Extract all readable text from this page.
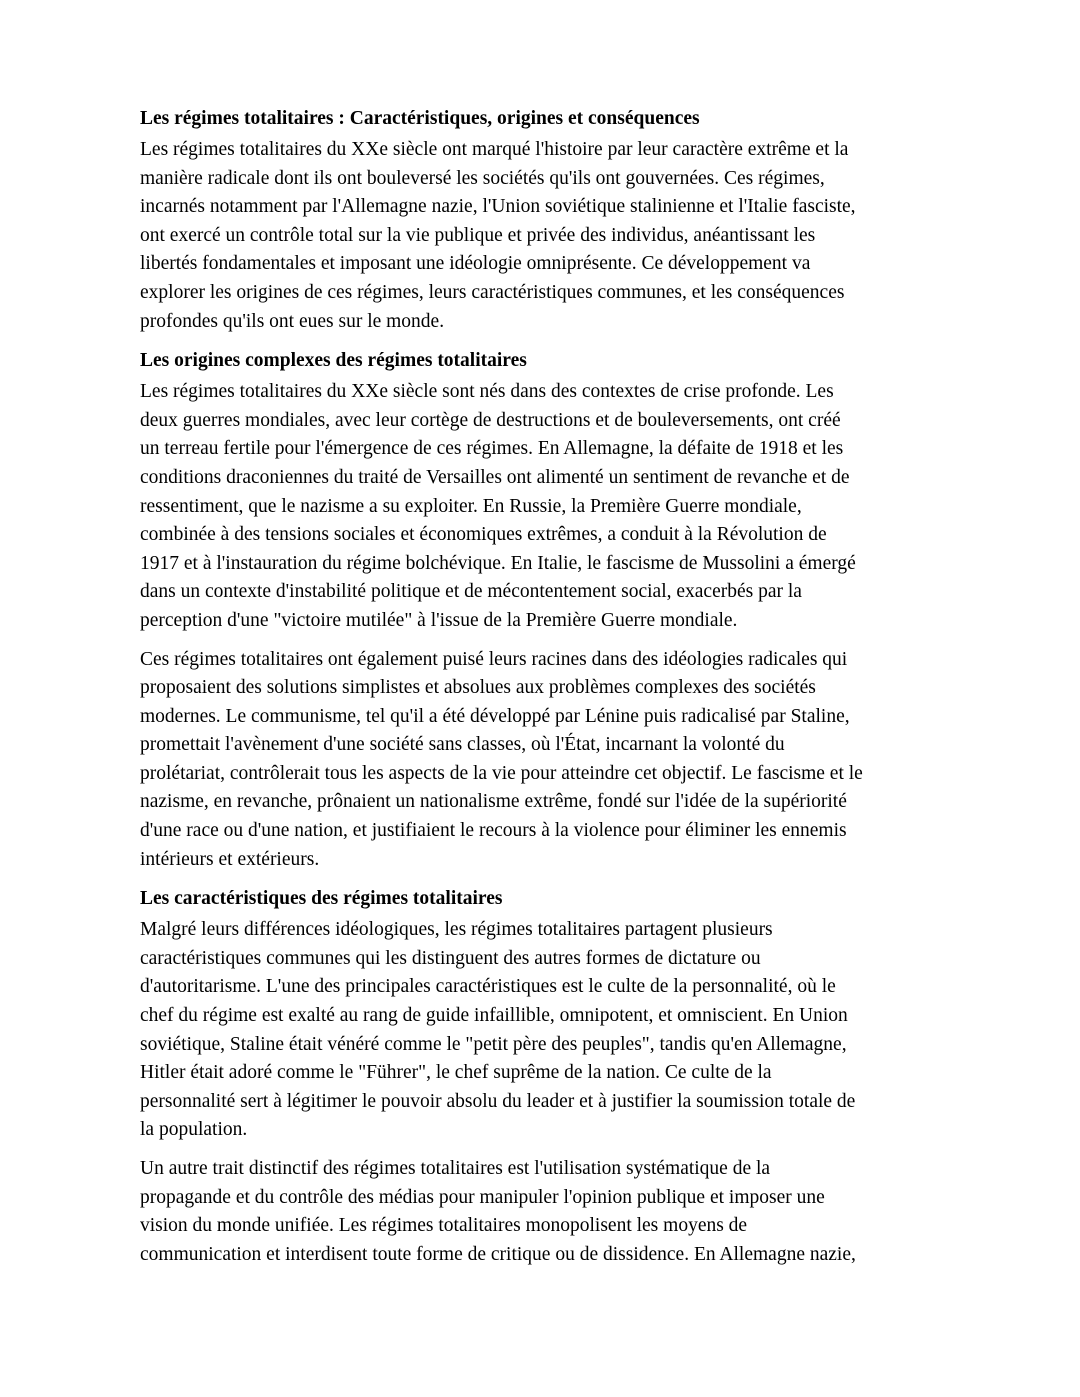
Les régimes totalitaires : Caractéristiques, origines et conséquences

Les régimes totalitaires du XXe siècle ont marqué l'histoire par leur caractère extrême et la
manière radicale dont ils ont bouleversé les sociétés qu'ils ont gouvernées. Ces régimes,
incarnés notamment par l'Allemagne nazie, l'Union soviétique stalinienne et l'Italie fasciste,
ont exercé un contrôle total sur la vie publique et privée des individus, anéantissant les
libertés fondamentales et imposant une idéologie omniprésente. Ce développement va
explorer les origines de ces régimes, leurs caractéristiques communes, et les conséquences
profondes qu'ils ont eues sur le monde.

Les origines complexes des régimes totalitaires

Les régimes totalitaires du XXe siècle sont nés dans des contextes de crise profonde. Les
deux guerres mondiales, avec leur cortège de destructions et de bouleversements, ont créé
un terreau fertile pour l'émergence de ces régimes. En Allemagne, la défaite de 1918 et les
conditions draconiennes du traité de Versailles ont alimenté un sentiment de revanche et de
ressentiment, que le nazisme a su exploiter. En Russie, la Première Guerre mondiale,
combinée à des tensions sociales et économiques extrêmes, a conduit à la Révolution de
1917 et à l'instauration du régime bolchévique. En Italie, le fascisme de Mussolini a émergé
dans un contexte d'instabilité politique et de mécontentement social, exacerbés par la
perception d'une "victoire mutilée" à l'issue de la Première Guerre mondiale.

Ces régimes totalitaires ont également puisé leurs racines dans des idéologies radicales qui
proposaient des solutions simplistes et absolues aux problèmes complexes des sociétés
modernes. Le communisme, tel qu'il a été développé par Lénine puis radicalisé par Staline,
promettait l'avènement d'une société sans classes, où l'État, incarnant la volonté du
prolétariat, contrôlerait tous les aspects de la vie pour atteindre cet objectif. Le fascisme et le
nazisme, en revanche, prônaient un nationalisme extrême, fondé sur l'idée de la supériorité
d'une race ou d'une nation, et justifiaient le recours à la violence pour éliminer les ennemis
intérieurs et extérieurs.

Les caractéristiques des régimes totalitaires

Malgré leurs différences idéologiques, les régimes totalitaires partagent plusieurs
caractéristiques communes qui les distinguent des autres formes de dictature ou
d'autoritarisme. L'une des principales caractéristiques est le culte de la personnalité, où le
chef du régime est exalté au rang de guide infaillible, omnipotent, et omniscient. En Union
soviétique, Staline était vénéré comme le "petit père des peuples", tandis qu'en Allemagne,
Hitler était adoré comme le "Führer", le chef suprême de la nation. Ce culte de la
personnalité sert à légitimer le pouvoir absolu du leader et à justifier la soumission totale de
la population.

Un autre trait distinctif des régimes totalitaires est l'utilisation systématique de la
propagande et du contrôle des médias pour manipuler l'opinion publique et imposer une
vision du monde unifiée. Les régimes totalitaires monopolisent les moyens de
communication et interdisent toute forme de critique ou de dissidence. En Allemagne nazie,
